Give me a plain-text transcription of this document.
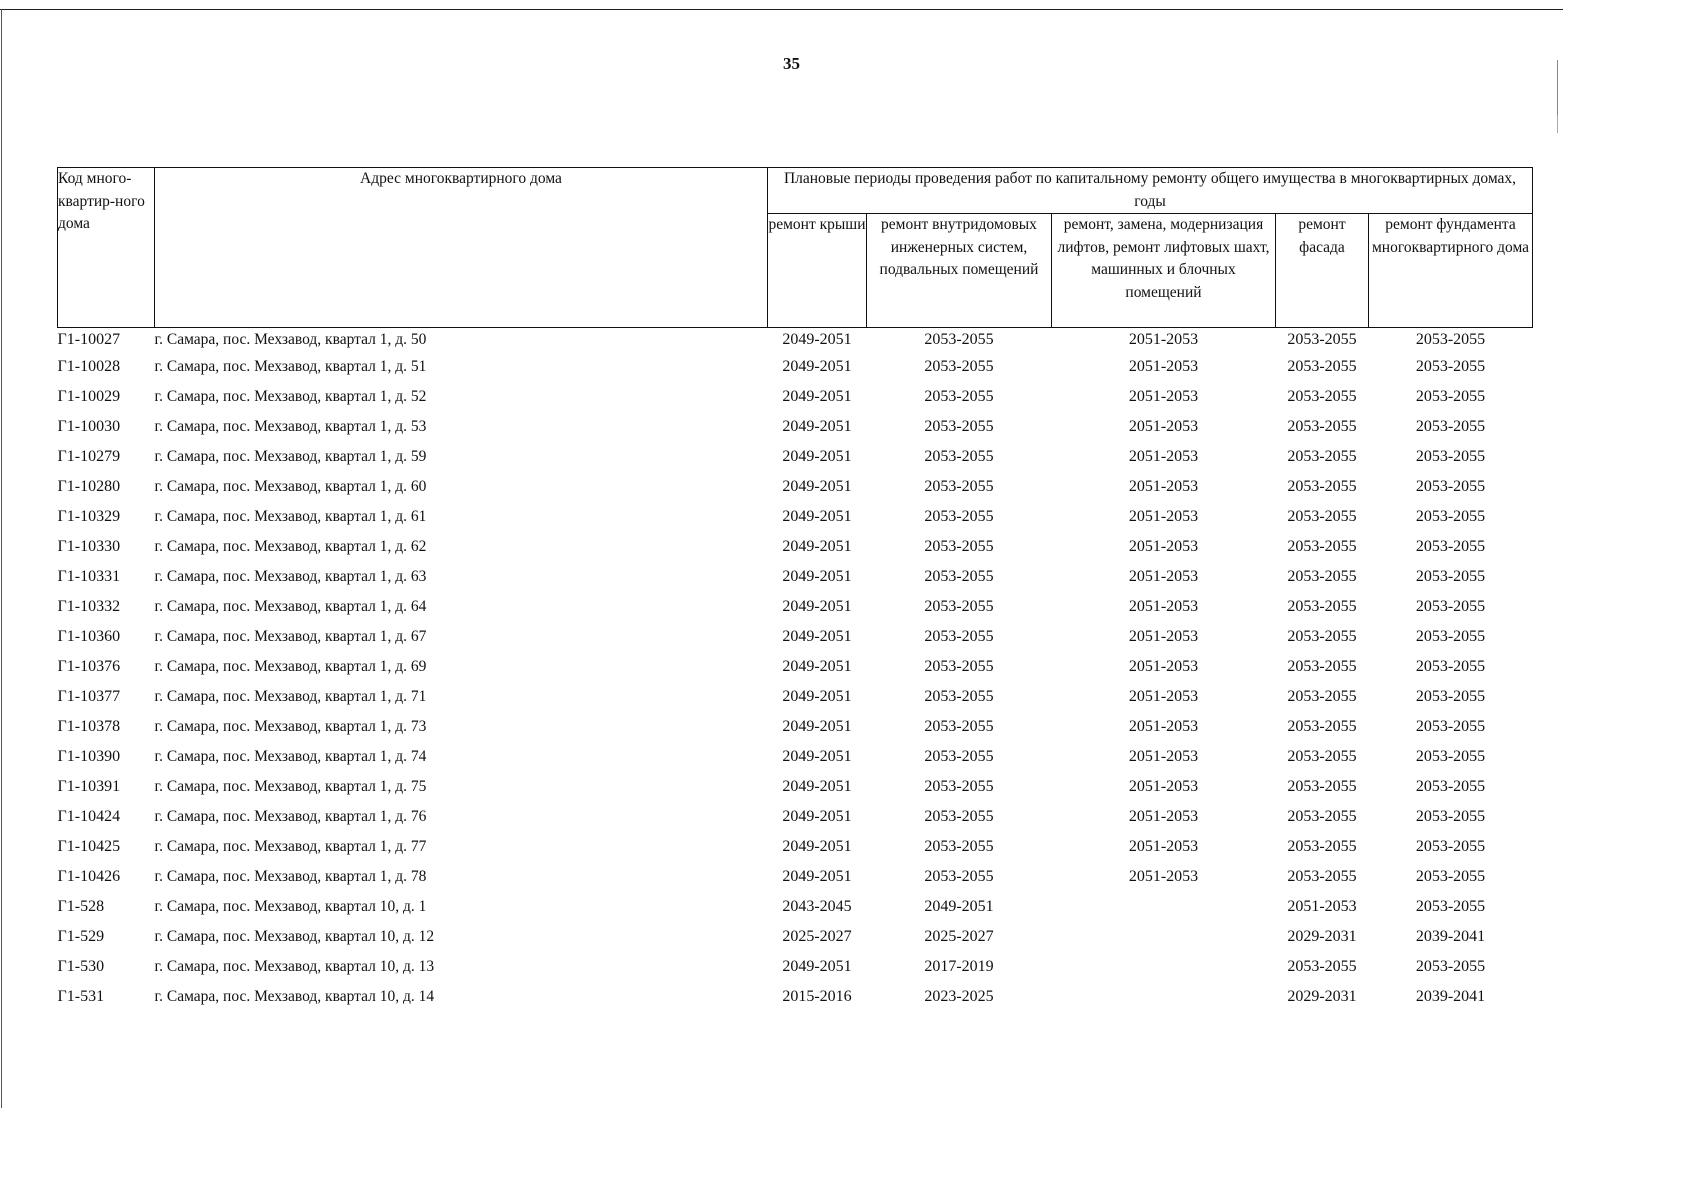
35
Код много-квартир-ного дома	Адрес многоквартирного дома	Плановые периоды проведения работ по капитальному ремонту общего имущества в многоквартирных домах, годы				
		ремонт крыши	ремонт внутридомовых инженерных систем, подвальных помещений	ремонт, замена, модернизация лифтов, ремонт лифтовых шахт, машинных и блочных помещений	ремонт фасада	ремонт фундамента многоквартирного дома
Г1-10027	г. Самара, пос. Мехзавод, квартал 1, д. 50	2049-2051	2053-2055	2051-2053	2053-2055	2053-2055
Г1-10028	г. Самара, пос. Мехзавод, квартал 1, д. 51	2049-2051	2053-2055	2051-2053	2053-2055	2053-2055
Г1-10029	г. Самара, пос. Мехзавод, квартал 1, д. 52	2049-2051	2053-2055	2051-2053	2053-2055	2053-2055
Г1-10030	г. Самара, пос. Мехзавод, квартал 1, д. 53	2049-2051	2053-2055	2051-2053	2053-2055	2053-2055
Г1-10279	г. Самара, пос. Мехзавод, квартал 1, д. 59	2049-2051	2053-2055	2051-2053	2053-2055	2053-2055
Г1-10280	г. Самара, пос. Мехзавод, квартал 1, д. 60	2049-2051	2053-2055	2051-2053	2053-2055	2053-2055
Г1-10329	г. Самара, пос. Мехзавод, квартал 1, д. 61	2049-2051	2053-2055	2051-2053	2053-2055	2053-2055
Г1-10330	г. Самара, пос. Мехзавод, квартал 1, д. 62	2049-2051	2053-2055	2051-2053	2053-2055	2053-2055
Г1-10331	г. Самара, пос. Мехзавод, квартал 1, д. 63	2049-2051	2053-2055	2051-2053	2053-2055	2053-2055
Г1-10332	г. Самара, пос. Мехзавод, квартал 1, д. 64	2049-2051	2053-2055	2051-2053	2053-2055	2053-2055
Г1-10360	г. Самара, пос. Мехзавод, квартал 1, д. 67	2049-2051	2053-2055	2051-2053	2053-2055	2053-2055
Г1-10376	г. Самара, пос. Мехзавод, квартал 1, д. 69	2049-2051	2053-2055	2051-2053	2053-2055	2053-2055
Г1-10377	г. Самара, пос. Мехзавод, квартал 1, д. 71	2049-2051	2053-2055	2051-2053	2053-2055	2053-2055
Г1-10378	г. Самара, пос. Мехзавод, квартал 1, д. 73	2049-2051	2053-2055	2051-2053	2053-2055	2053-2055
Г1-10390	г. Самара, пос. Мехзавод, квартал 1, д. 74	2049-2051	2053-2055	2051-2053	2053-2055	2053-2055
Г1-10391	г. Самара, пос. Мехзавод, квартал 1, д. 75	2049-2051	2053-2055	2051-2053	2053-2055	2053-2055
Г1-10424	г. Самара, пос. Мехзавод, квартал 1, д. 76	2049-2051	2053-2055	2051-2053	2053-2055	2053-2055
Г1-10425	г. Самара, пос. Мехзавод, квартал 1, д. 77	2049-2051	2053-2055	2051-2053	2053-2055	2053-2055
Г1-10426	г. Самара, пос. Мехзавод, квартал 1, д. 78	2049-2051	2053-2055	2051-2053	2053-2055	2053-2055
Г1-528	г. Самара, пос. Мехзавод, квартал 10, д. 1	2043-2045	2049-2051		2051-2053	2053-2055
Г1-529	г. Самара, пос. Мехзавод, квартал 10, д. 12	2025-2027	2025-2027		2029-2031	2039-2041
Г1-530	г. Самара, пос. Мехзавод, квартал 10, д. 13	2049-2051	2017-2019		2053-2055	2053-2055
Г1-531	г. Самара, пос. Мехзавод, квартал 10, д. 14	2015-2016	2023-2025		2029-2031	2039-2041
